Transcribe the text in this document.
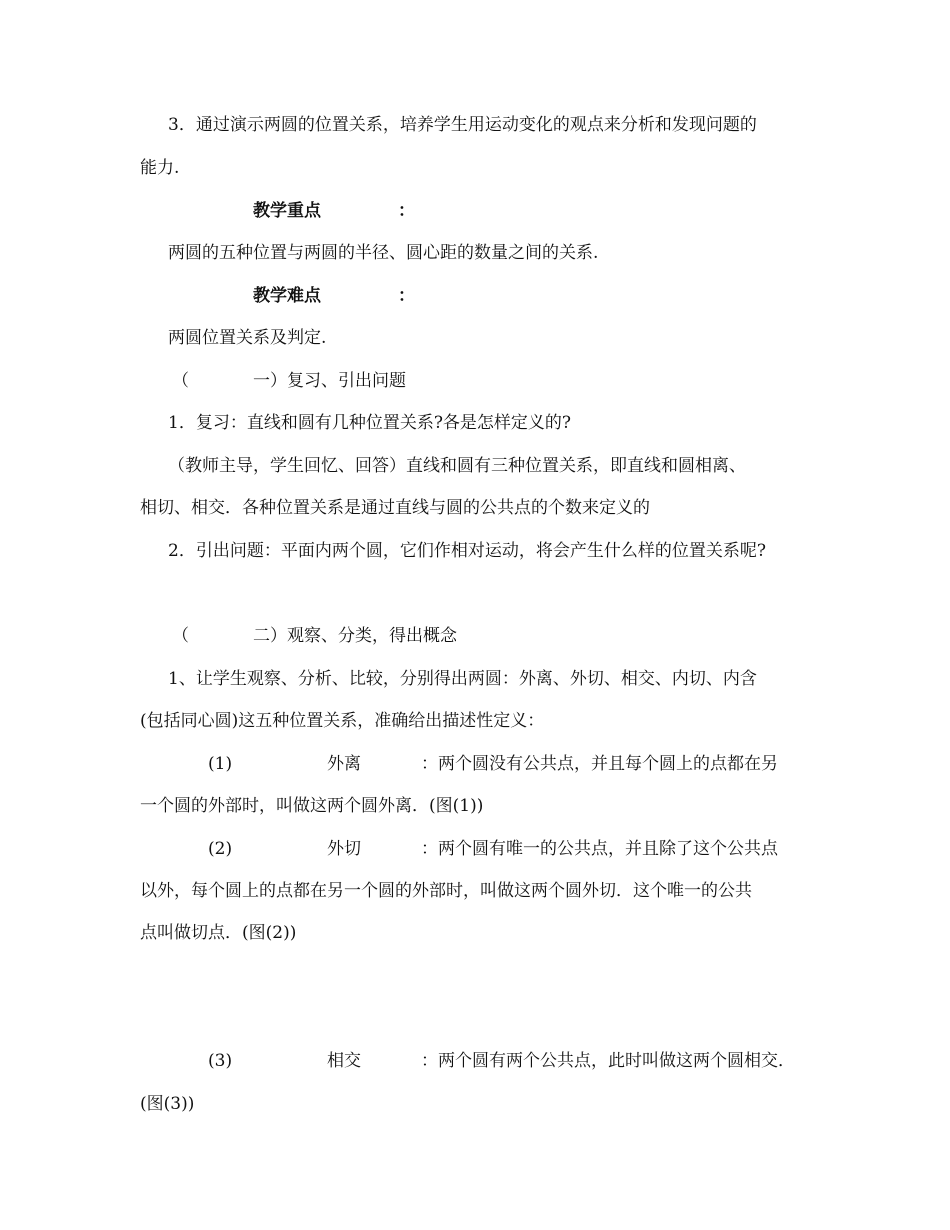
3．通过演示两圆的位置关系，培养学生用运动变化的观点来分析和发现问题的
能力.
教学重点	：
两圆的五种位置与两圆的半径、圆心距的数量之间的关系.
教学难点	：
两圆位置关系及判定.
（	一）复习、引出问题
1．复习：直线和圆有几种位置关系?各是怎样定义的?
（教师主导，学生回忆、回答）直线和圆有三种位置关系，即直线和圆相离、
相切、相交．各种位置关系是通过直线与圆的公共点的个数来定义的
2．引出问题：平面内两个圆，它们作相对运动，将会产生什么样的位置关系呢?
（	二）观察、分类，得出概念
1、让学生观察、分析、比较，分别得出两圆：外离、外切、相交、内切、内含
(包括同心圆)这五种位置关系，准确给出描述性定义：
(1)	外离	：两个圆没有公共点，并且每个圆上的点都在另
一个圆的外部时，叫做这两个圆外离．(图(1))
(2)	外切	：两个圆有唯一的公共点，并且除了这个公共点
以外，每个圆上的点都在另一个圆的外部时，叫做这两个圆外切．这个唯一的公共
点叫做切点．(图(2))
(3)	相交	：两个圆有两个公共点，此时叫做这两个圆相交．
(图(3))
